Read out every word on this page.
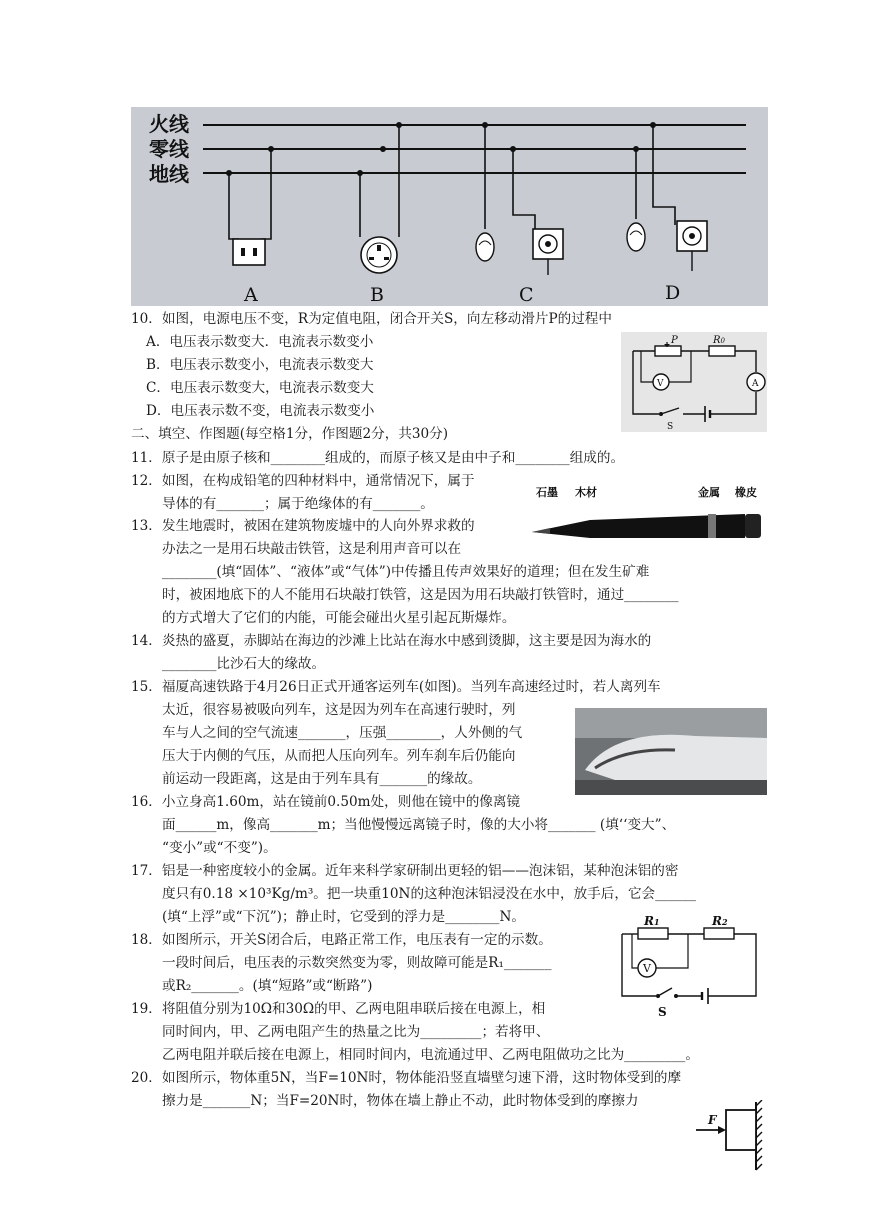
火线
零线
地线
A	B	C	D
P	R0
V	A
S
石墨 木材	金属 橡皮
R1	R2
V
S
F
10．如图，电源电压不变，R为定值电阻，闭合开关S，向左移动滑片P的过程中
A．电压表示数变大．电流表示数变小
B．电压表示数变小，电流表示数变大
C．电压表示数变大，电流表示数变大
D．电压表示数不变，电流表示数变小
二、填空、作图题(每空格1分，作图题2分，共30分)
11．原子是由原子核和________组成的，而原子核又是由中子和________组成的。
12．如图，在构成铅笔的四种材料中，通常情况下，属于
导体的有_______；属于绝缘体的有_______。
13．发生地震时，被困在建筑物废墟中的人向外界求救的
办法之一是用石块敲击铁管，这是利用声音可以在
________(填“固体”、“液体”或“气体”)中传播且传声效果好的道理；但在发生矿难
时，被困地底下的人不能用石块敲打铁管，这是因为用石块敲打铁管时，通过________
的方式增大了它们的内能，可能会碰出火星引起瓦斯爆炸。
14．炎热的盛夏，赤脚站在海边的沙滩上比站在海水中感到烫脚，这主要是因为海水的
________比沙石大的缘故。
15．福厦高速铁路于4月26日正式开通客运列车(如图)。当列车高速经过时，若人离列车
太近，很容易被吸向列车，这是因为列车在高速行驶时，列
车与人之间的空气流速_______，压强________，人外侧的气
压大于内侧的气压，从而把人压向列车。列车刹车后仍能向
前运动一段距离，这是由于列车具有_______的缘故。
16．小立身高1.60m，站在镜前0.50m处，则他在镜中的像离镜
面______m，像高_______m；当他慢慢远离镜子时，像的大小将_______ (填‘‘变大”、
“变小”或“不变”)。
17．铝是一种密度较小的金属。近年来科学家研制出更轻的铝——泡沫铝，某种泡沫铝的密
度只有0.18 ×10³Kg/m³。把一块重10N的这种泡沫铝浸没在水中，放手后，它会______
(填“上浮”或“下沉”)；静止时，它受到的浮力是________N。
18．如图所示，开关S闭合后，电路正常工作，电压表有一定的示数。
一段时间后，电压表的示数突然变为零，则故障可能是R₁_______
或R₂_______。(填“短路”或“断路”)
19．将阻值分别为10Ω和30Ω的甲、乙两电阻串联后接在电源上，相
同时间内，甲、乙两电阻产生的热量之比为_________；若将甲、
乙两电阻并联后接在电源上，相同时间内，电流通过甲、乙两电阻做功之比为_________。
20．如图所示，物体重5N，当F=10N时，物体能沿竖直墙壁匀速下滑，这时物体受到的摩
擦力是_______N；当F=20N时，物体在墙上静止不动，此时物体受到的摩擦力
